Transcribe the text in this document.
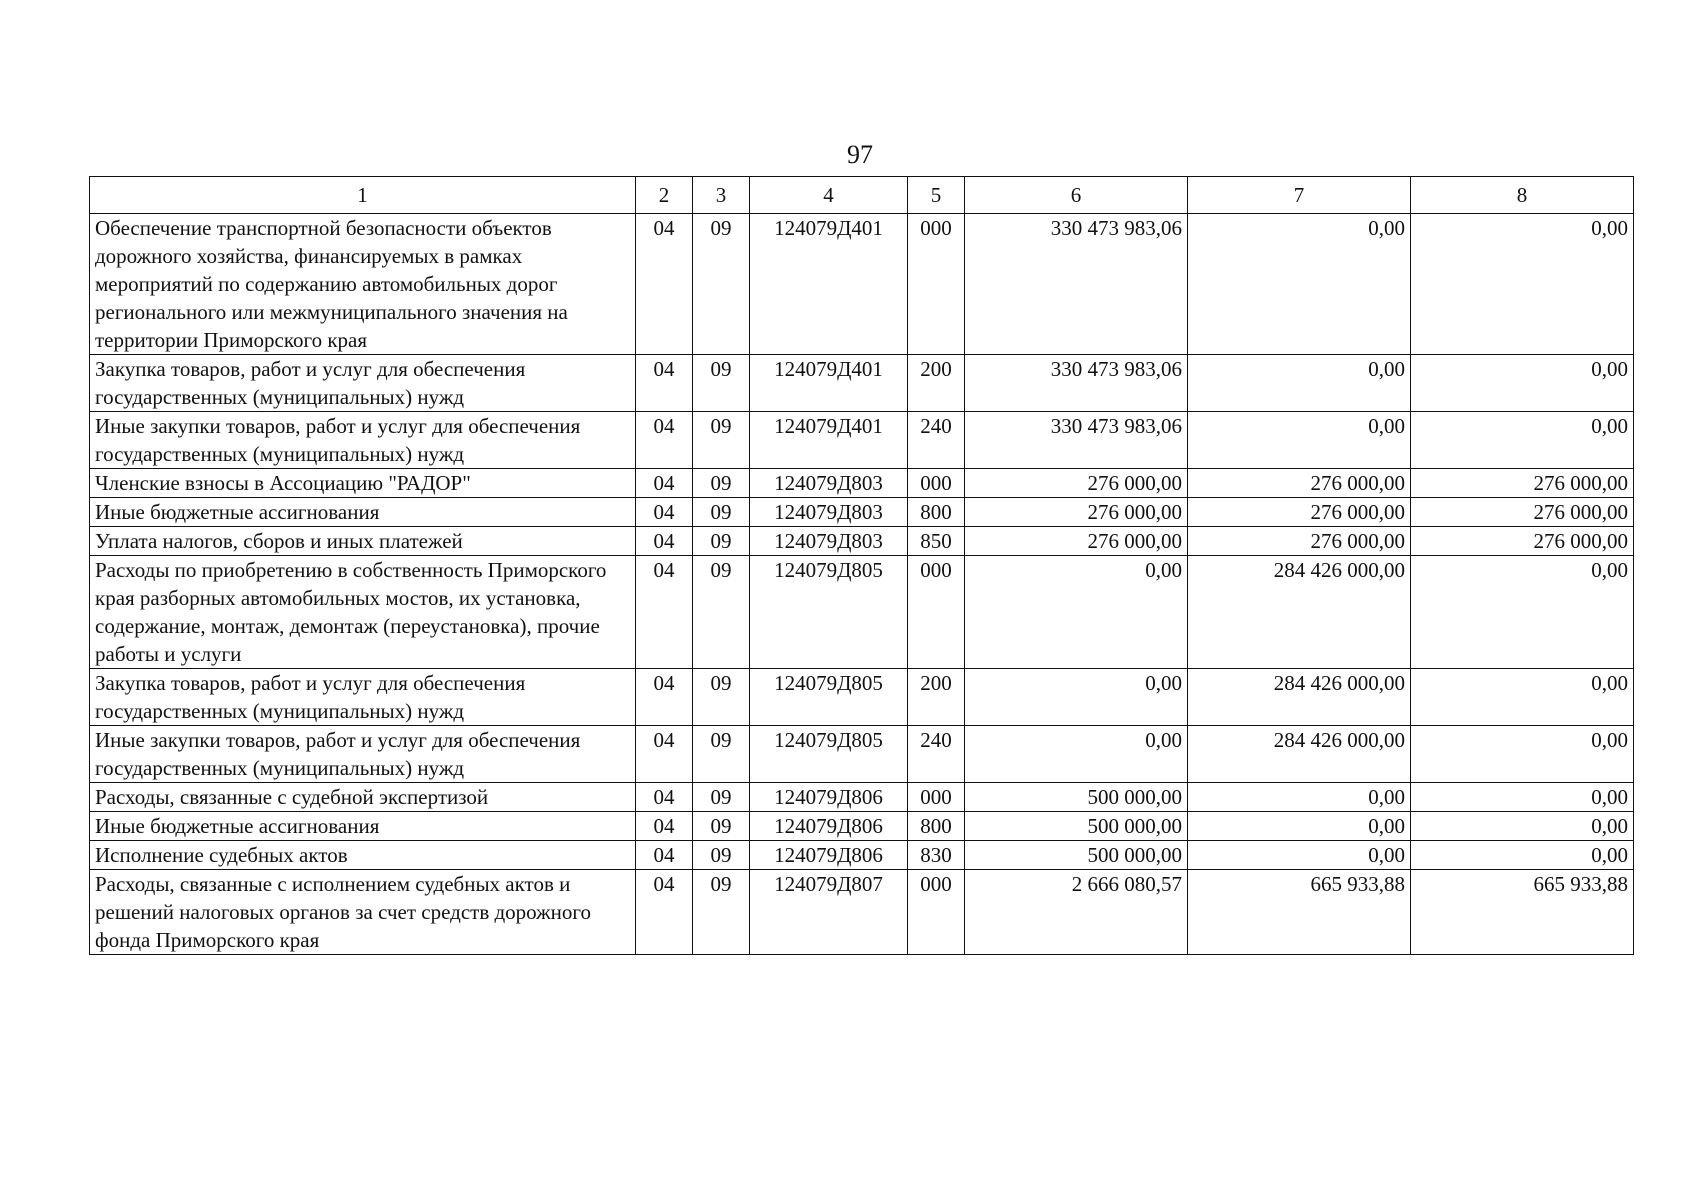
97
1	2	3	4	5	6	7	8
Обеспечение транспортной безопасности объектов дорожного хозяйства, финансируемых в рамках мероприятий по содержанию автомобильных дорог регионального или межмуниципального значения на территории Приморского края	04	09	124079Д401	000	330 473 983,06	0,00	0,00
Закупка товаров, работ и услуг для обеспечения государственных (муниципальных) нужд	04	09	124079Д401	200	330 473 983,06	0,00	0,00
Иные закупки товаров, работ и услуг для обеспечения государственных (муниципальных) нужд	04	09	124079Д401	240	330 473 983,06	0,00	0,00
Членские взносы в Ассоциацию "РАДОР"	04	09	124079Д803	000	276 000,00	276 000,00	276 000,00
Иные бюджетные ассигнования	04	09	124079Д803	800	276 000,00	276 000,00	276 000,00
Уплата налогов, сборов и иных платежей	04	09	124079Д803	850	276 000,00	276 000,00	276 000,00
Расходы по приобретению в собственность Приморского края разборных автомобильных мостов, их установка, содержание, монтаж, демонтаж (переустановка), прочие работы и услуги	04	09	124079Д805	000	0,00	284 426 000,00	0,00
Закупка товаров, работ и услуг для обеспечения государственных (муниципальных) нужд	04	09	124079Д805	200	0,00	284 426 000,00	0,00
Иные закупки товаров, работ и услуг для обеспечения государственных (муниципальных) нужд	04	09	124079Д805	240	0,00	284 426 000,00	0,00
Расходы, связанные с судебной экспертизой	04	09	124079Д806	000	500 000,00	0,00	0,00
Иные бюджетные ассигнования	04	09	124079Д806	800	500 000,00	0,00	0,00
Исполнение судебных актов	04	09	124079Д806	830	500 000,00	0,00	0,00
Расходы, связанные с исполнением судебных актов и решений налоговых органов за счет средств дорожного фонда Приморского края	04	09	124079Д807	000	2 666 080,57	665 933,88	665 933,88
